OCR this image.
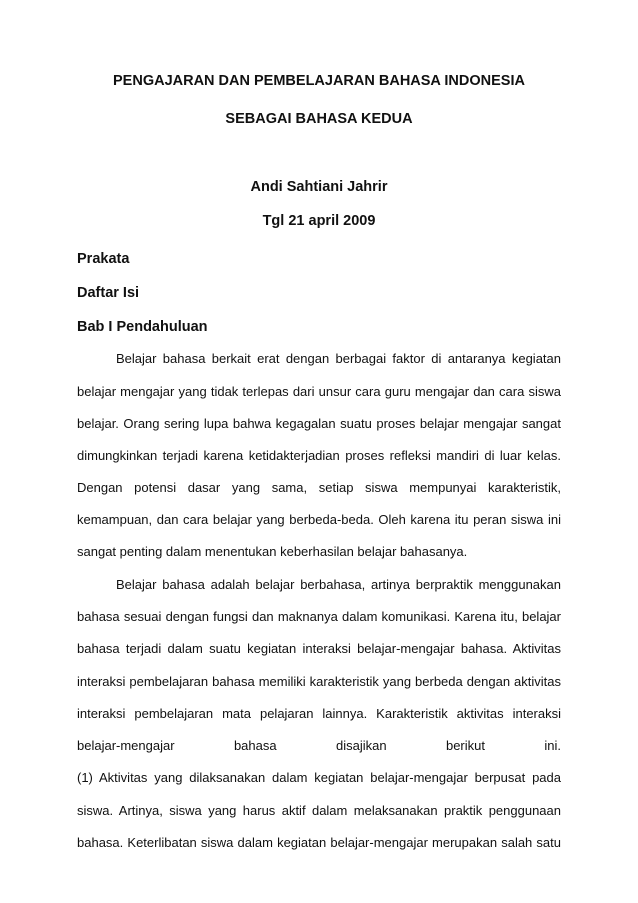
PENGAJARAN DAN PEMBELAJARAN BAHASA INDONESIA
SEBAGAI BAHASA KEDUA
Andi Sahtiani Jahrir
Tgl 21 april 2009
Prakata
Daftar Isi
Bab I Pendahuluan
Belajar bahasa berkait erat dengan berbagai faktor di antaranya kegiatan
belajar mengajar yang tidak terlepas dari unsur cara guru mengajar dan cara siswa
belajar. Orang sering lupa bahwa kegagalan suatu proses belajar mengajar sangat
dimungkinkan terjadi karena ketidakterjadian proses refleksi mandiri di luar kelas.
Dengan potensi dasar yang sama, setiap siswa mempunyai karakteristik,
kemampuan, dan cara belajar yang berbeda-beda. Oleh karena itu peran siswa ini
sangat penting dalam menentukan keberhasilan belajar bahasanya.
Belajar bahasa adalah belajar berbahasa, artinya berpraktik menggunakan
bahasa sesuai dengan fungsi dan maknanya dalam komunikasi. Karena itu, belajar
bahasa terjadi dalam suatu kegiatan interaksi belajar-mengajar bahasa. Aktivitas
interaksi pembelajaran bahasa memiliki karakteristik yang berbeda dengan aktivitas
interaksi pembelajaran mata pelajaran lainnya. Karakteristik aktivitas interaksi
belajar-mengajar bahasa disajikan berikut ini.
(1) Aktivitas yang dilaksanakan dalam kegiatan belajar-mengajar berpusat pada
siswa. Artinya, siswa yang harus aktif dalam melaksanakan praktik penggunaan
bahasa. Keterlibatan siswa dalam kegiatan belajar-mengajar merupakan salah satu
